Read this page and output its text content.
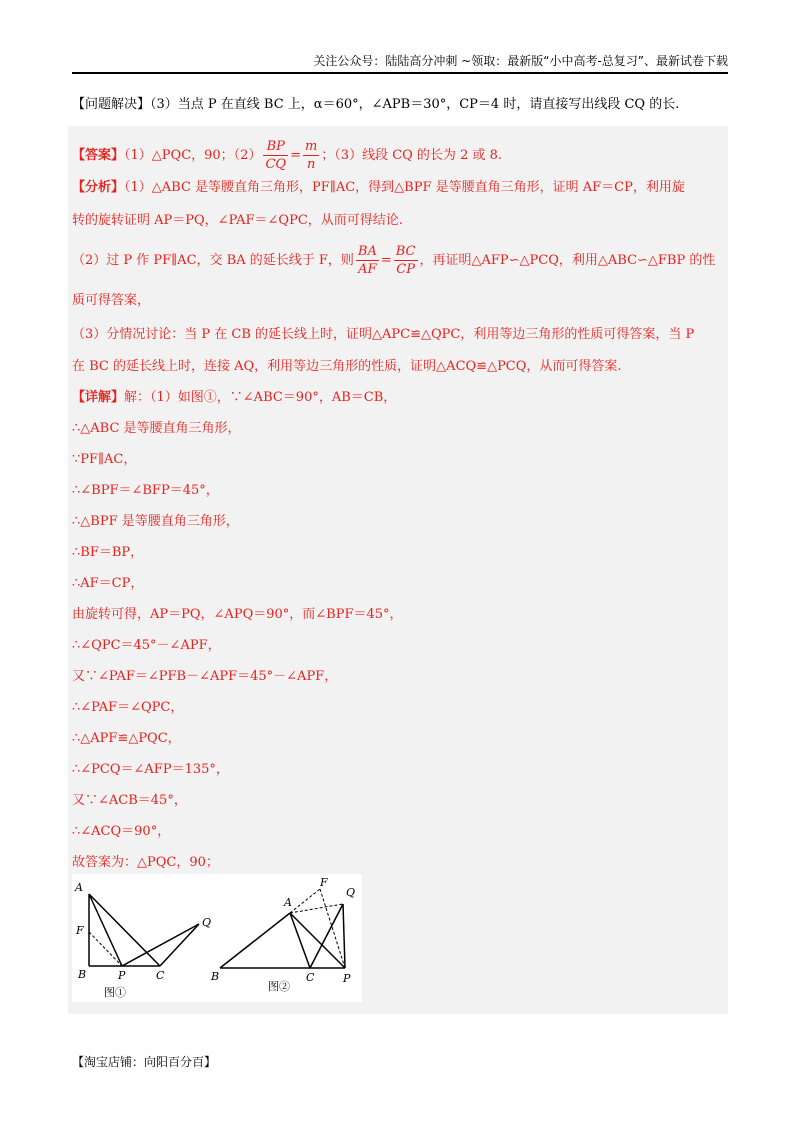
关注公众号：陆陆高分冲刺 ~领取：最新版“小中高考-总复习”、最新试卷下载
【问题解决】（3）当点 P 在直线 BC 上，α＝60°，∠APB＝30°，CP＝4 时，请直接写出线段 CQ 的长.
【答案】（1）△PQC，90；$(2) \frac{BP}{CQ} = \frac{m}{n}$ ；（3）线段 CQ 的长为 2 或 8.
【分析】（1）△ABC 是等腰直角三角形，PF∥AC，得到△BPF 是等腰直角三角形，证明 AF＝CP，利用旋
转的旋转证明 AP＝PQ，∠PAF＝∠QPC，从而可得结论.
（2）过 P 作 PF∥AC，交 BA 的延长线于 F，则 $\frac{BA}{AF} = \frac{BC}{CP}$ ，再证明△AFP∽△PCQ，利用△ABC∽△FBP 的性
质可得答案，
（3）分情况讨论：当 P 在 CB 的延长线上时，证明△APC≌△QPC，利用等边三角形的性质可得答案，当 P
在 BC 的延长线上时，连接 AQ，利用等边三角形的性质，证明△ACQ≌△PCQ，从而可得答案.
【详解】解：（1）如图①，∵∠ABC＝90°，AB＝CB，
∴△ABC 是等腰直角三角形，
∵PF∥AC，
∴∠BPF＝∠BFP＝45°，
∴△BPF 是等腰直角三角形，
∴BF＝BP，
∴AF＝CP，
由旋转可得，AP＝PQ，∠APQ＝90°，而∠BPF＝45°，
∴∠QPC＝45°－∠APF，
又∵∠PAF＝∠PFB－∠APF＝45°－∠APF，
∴∠PAF＝∠QPC，
∴△APF≌△PQC，
∴∠PCQ＝∠AFP＝135°，
又∵∠ACB＝45°，
∴∠ACQ＝90°，
故答案为：△PQC，90；
A
F
B	P	C
Q
图①
A
F
Q
B	C	P
图②
【淘宝店铺：向阳百分百】
